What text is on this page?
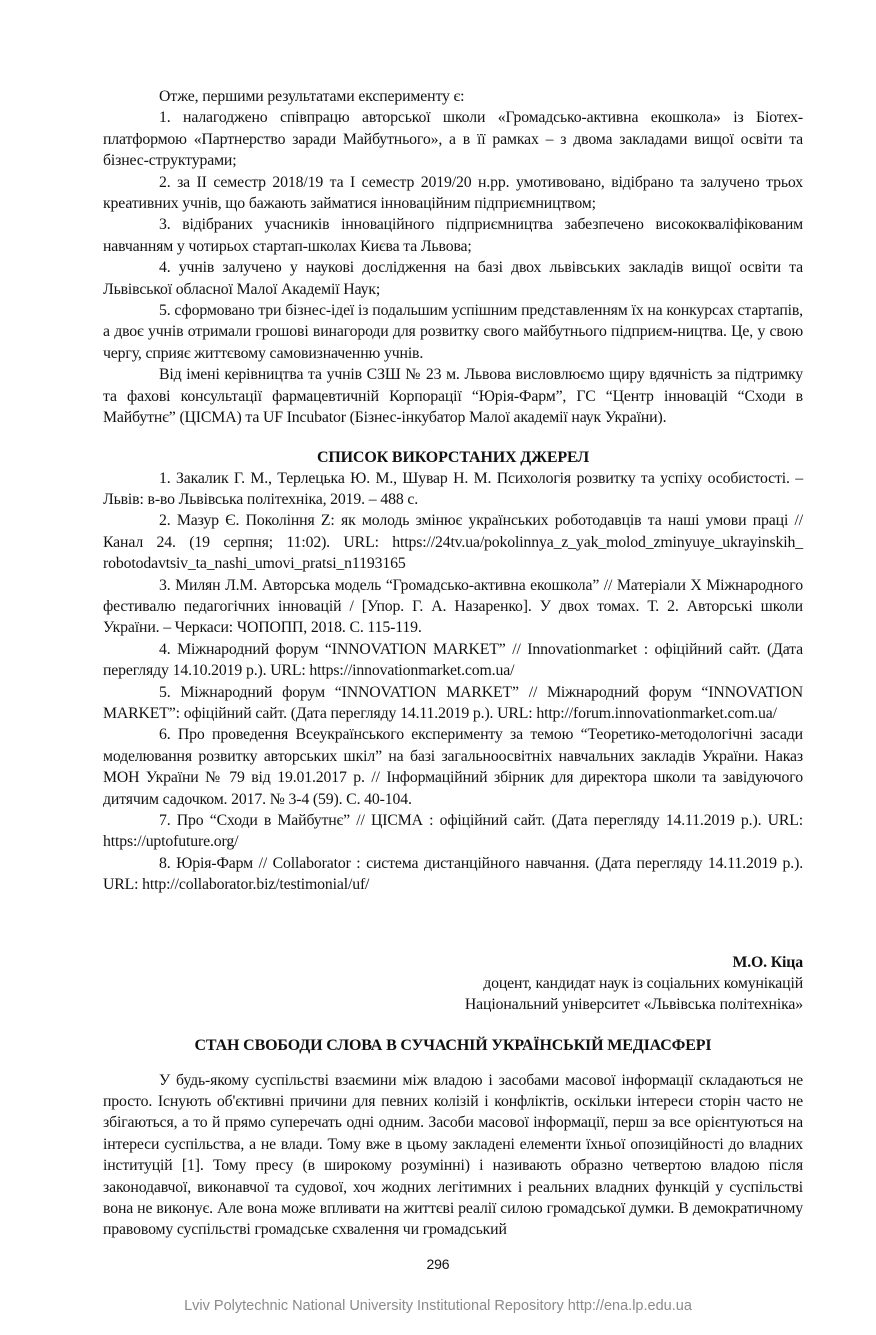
Отже, першими результатами експерименту є:

1. налагоджено співпрацю авторської школи «Громадсько-активна екошкола» із Біотех-платформою «Партнерство заради Майбутнього», а в її рамках – з двома закладами вищої освіти та бізнес-структурами;

2. за ІІ семестр 2018/19 та І семестр 2019/20 н.рр. умотивовано, відібрано та залучено трьох креативних учнів, що бажають займатися інноваційним підприємництвом;

3. відібраних учасників інноваційного підприємництва забезпечено висококваліфікованим навчанням у чотирьох стартап-школах Києва та Львова;

4. учнів залучено у наукові дослідження на базі двох львівських закладів вищої освіти та Львівської обласної Малої Академії Наук;

5. сформовано три бізнес-ідеї із подальшим успішним представленням їх на конкурсах стартапів, а двоє учнів отримали грошові винагороди для розвитку свого майбутнього підприєм-ництва. Це, у свою чергу, сприяє життєвому самовизначенню учнів.

Від імені керівництва та учнів СЗШ № 23 м. Львова висловлюємо щиру вдячність за підтримку та фахові консультації фармацевтичній Корпорації “Юрія-Фарм”, ГС “Центр інновацій “Сходи в Майбутнє” (ЦІСМА) та UF Incubator (Бізнес-інкубатор Малої академії наук України).

СПИСОК ВИКОРСТАНИХ ДЖЕРЕЛ

1. Закалик Г. М., Терлецька Ю. М., Шувар Н. М. Психологія розвитку та успіху особистості. – Львів: в-во Львівська політехніка, 2019. – 488 с.

2. Мазур Є. Покоління Z: як молодь змінює українських роботодавців та наші умови праці // Канал 24. (19 серпня; 11:02). URL: https://24tv.ua/pokolinnya_z_yak_molod_zminyuye_ukrayinskih_ robotodavtsiv_ta_nashi_umovi_pratsi_n1193165

3. Милян Л.М. Авторська модель “Громадсько-активна екошкола” // Матеріали Х Міжнародного фестивалю педагогічних інновацій / [Упор. Г. А. Назаренко]. У двох томах. Т. 2. Авторські школи України. – Черкаси: ЧОПОПП, 2018. С. 115-119.

4. Міжнародний форум “INNOVATION MARKET” // Innovationmarket : офіційний сайт. (Дата перегляду 14.10.2019 р.). URL: https://innovationmarket.com.ua/

5. Міжнародний форум “INNOVATION MARKET” // Міжнародний форум “INNOVATION MARKET”: офіційний сайт. (Дата перегляду 14.11.2019 р.). URL: http://forum.innovationmarket.com.ua/

6. Про проведення Всеукраїнського експерименту за темою “Теоретико-методологічні засади моделювання розвитку авторських шкіл” на базі загальноосвітніх навчальних закладів України. Наказ МОН України № 79 від 19.01.2017 р. // Інформаційний збірник для директора школи та завідуючого дитячим садочком. 2017. № 3-4 (59). С. 40-104.

7. Про “Сходи в Майбутнє” // ЦІСМА : офіційний сайт. (Дата перегляду 14.11.2019 р.). URL: https://uptofuture.org/

8. Юрія-Фарм // Collaborator : система дистанційного навчання. (Дата перегляду 14.11.2019 р.). URL: http://collaborator.biz/testimonial/uf/

М.О. Кіца

доцент, кандидат наук із соціальних комунікацій

Національний університет «Львівська політехніка»

СТАН СВОБОДИ СЛОВА В СУЧАСНІЙ УКРАЇНСЬКІЙ МЕДІАСФЕРІ

У будь-якому суспільстві взаємини між владою і засобами масової інформації складаються не просто. Існують об'єктивні причини для певних колізій і конфліктів, оскільки інтереси сторін часто не збігаються, а то й прямо суперечать одні одним. Засоби масової інформації, перш за все орієнтуються на інтереси суспільства, а не влади. Тому вже в цьому закладені елементи їхньої опозиційності до владних інституцій [1]. Тому пресу (в широкому розумінні) і називають образно четвертою владою після законодавчої, виконавчої та судової, хоч жодних легітимних і реальних владних функцій у суспільстві вона не виконує. Але вона може впливати на життєві реалії силою громадської думки. В демократичному правовому суспільстві громадське схвалення чи громадський

296
Lviv Polytechnic National University Institutional Repository http://ena.lp.edu.ua
